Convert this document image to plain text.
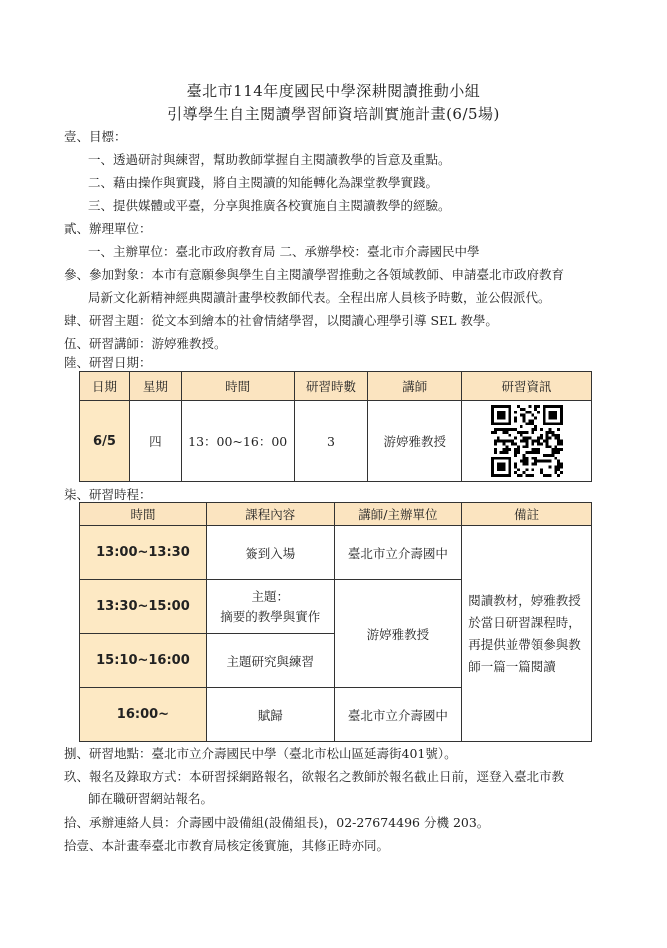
臺北市114年度國民中學深耕閱讀推動小組
引導學生自主閱讀學習師資培訓實施計畫(6/5場)
壹、目標：
一、透過研討與練習，幫助教師掌握自主閱讀教學的旨意及重點。
二、藉由操作與實踐，將自主閱讀的知能轉化為課堂教學實踐。
三、提供媒體或平臺，分享與推廣各校實施自主閱讀教學的經驗。
貳、辦理單位：
一、主辦單位：臺北市政府教育局 二、承辦學校：臺北市介壽國民中學
參、參加對象：本市有意願參與學生自主閱讀學習推動之各領域教師、申請臺北市政府教育
局新文化新精神經典閱讀計畫學校教師代表。全程出席人員核予時數，並公假派代。
肆、研習主題：從文本到繪本的社會情緒學習，以閱讀心理學引導 SEL 教學。
伍、研習講師：游婷雅教授。
陸、研習日期：
日期	星期	時間	研習時數	講師	研習資訊
6/5	四	13：00~16：00	3	游婷雅教授	
柒、研習時程：
時間	課程內容	講師/主辦單位	備註
13:00~13:30	簽到入場	臺北市立介壽國中	閱讀教材，婷雅教授
於當日研習課程時，
再提供並帶領參與教
師一篇一篇閱讀

13:30~15:00	主題：
摘要的教學與實作	游婷雅教授	
15:10~16:00	主題研究與練習		
16:00~	賦歸	臺北市立介壽國中	
捌、研習地點：臺北市立介壽國民中學（臺北市松山區延壽街401號）。
玖、報名及錄取方式：本研習採網路報名，欲報名之教師於報名截止日前，逕登入臺北市教
師在職研習網站報名。
拾、承辦連絡人員：介壽國中設備組(設備組長)，02-27674496 分機 203。
拾壹、本計畫奉臺北市教育局核定後實施，其修正時亦同。
